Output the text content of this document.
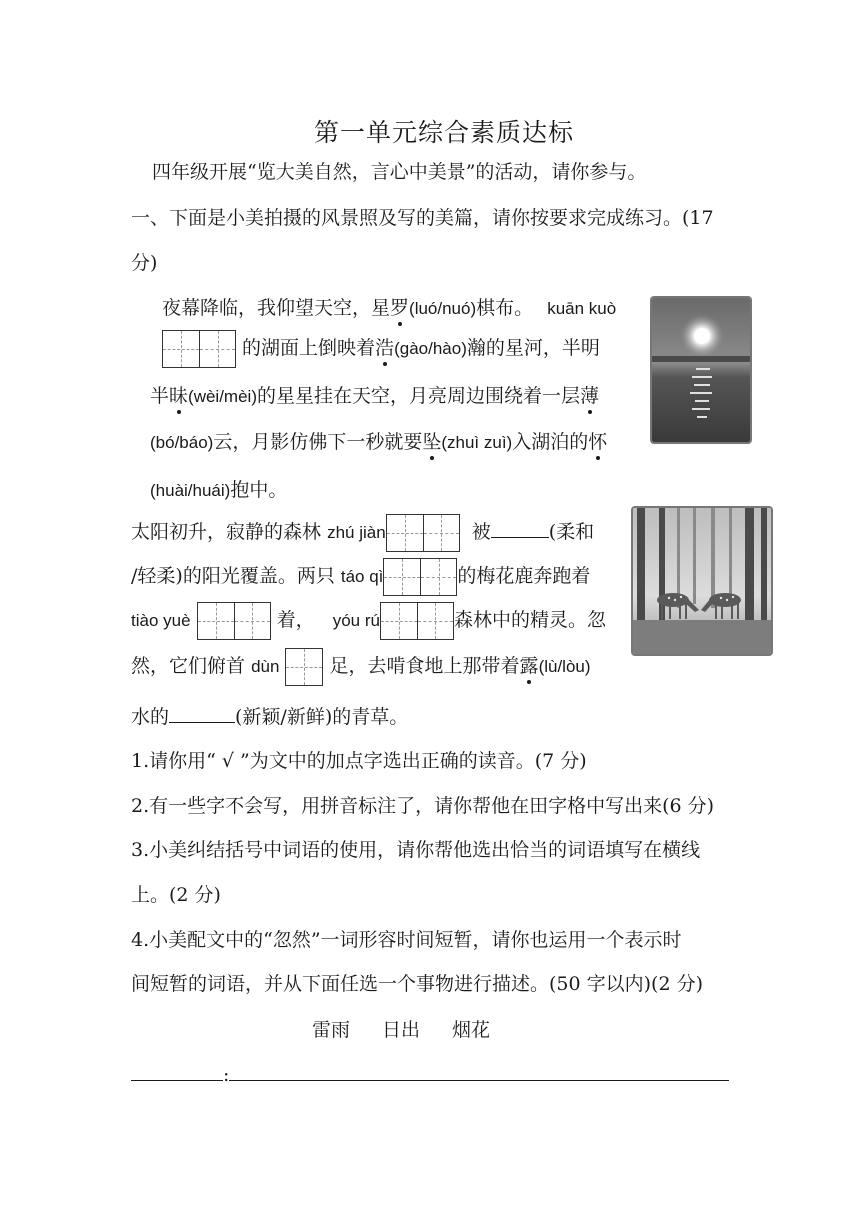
第一单元综合素质达标
四年级开展“览大美自然，言心中美景”的活动，请你参与。
一、下面是小美拍摄的风景照及写的美篇，请你按要求完成练习。(17
分)
夜幕降临，我仰望天空，星罗(luó/nuó)棋布。 kuān kuò
的湖面上倒映着浩(gào/hào)瀚的星河，半明
半昧(wèi/mèi)的星星挂在天空，月亮周边围绕着一层薄
(bó/báo)云，月影仿佛下一秒就要坠(zhuì zuì)入湖泊的怀
(huài/huái)抱中。
太阳初升，寂静的森林 zhú jiàn	被	(柔和
/轻柔)的阳光覆盖。两只 táo qì	的梅花鹿奔跑着
tiào yuè	着， yóu rú	森林中的精灵。忽
然，它们俯首 dùn	足，去啃食地上那带着露(lù/lòu)
水的	(新颖/新鲜)的青草。
1.请你用“ √ ”为文中的加点字选出正确的读音。(7 分)
2.有一些字不会写，用拼音标注了，请你帮他在田字格中写出来(6 分)
3.小美纠结括号中词语的使用，请你帮他选出恰当的词语填写在横线
上。(2 分)
4.小美配文中的“忽然”一词形容时间短暂，请你也运用一个表示时
间短暂的词语，并从下面任选一个事物进行描述。(50 字以内)(2 分)
雷雨 日出 烟花
:
